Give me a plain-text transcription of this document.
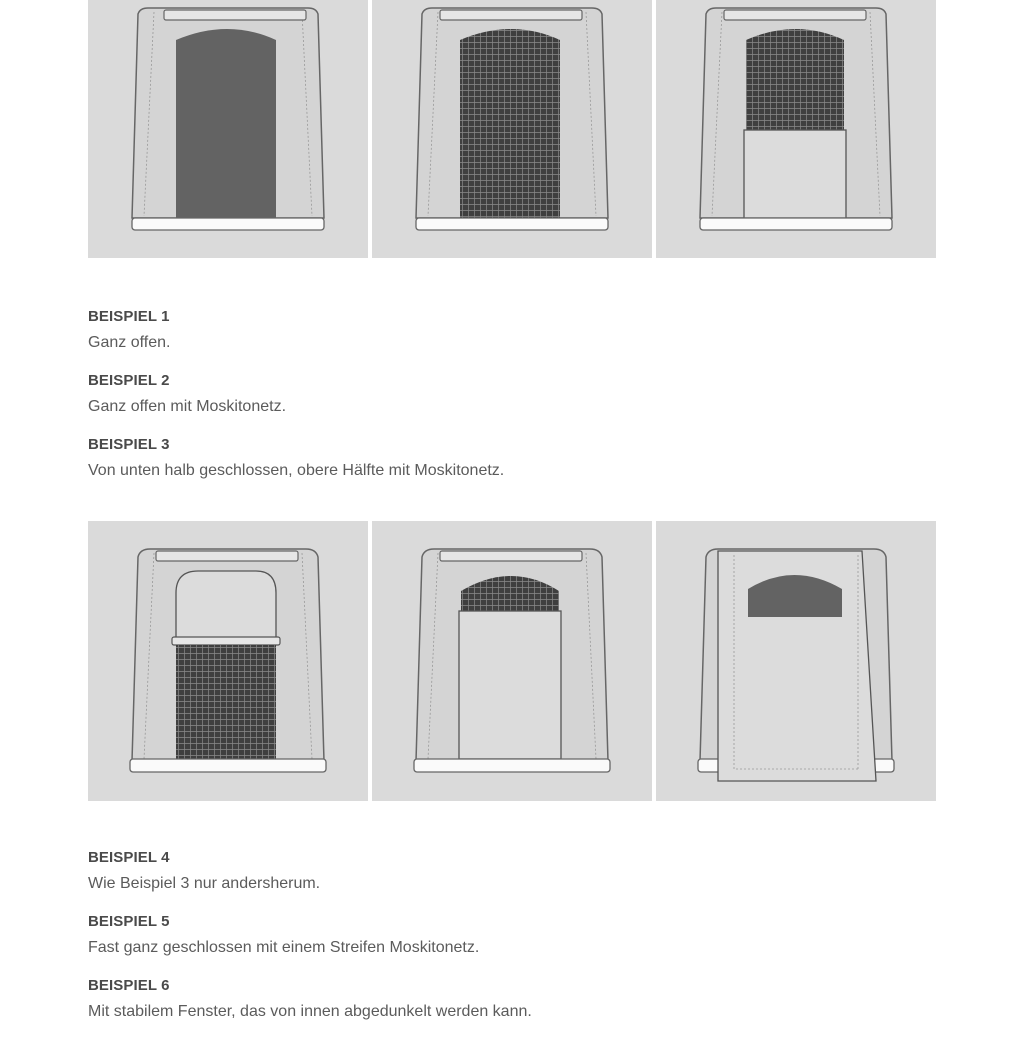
BEISPIEL 1

Ganz offen.

BEISPIEL 2

Ganz offen mit Moskitonetz.

BEISPIEL 3

Von unten halb geschlossen, obere Hälfte mit Moskitonetz.

BEISPIEL 4

Wie Beispiel 3 nur andersherum.

BEISPIEL 5

Fast ganz geschlossen mit einem Streifen Moskitonetz.

BEISPIEL 6

Mit stabilem Fenster, das von innen abgedunkelt werden kann.
